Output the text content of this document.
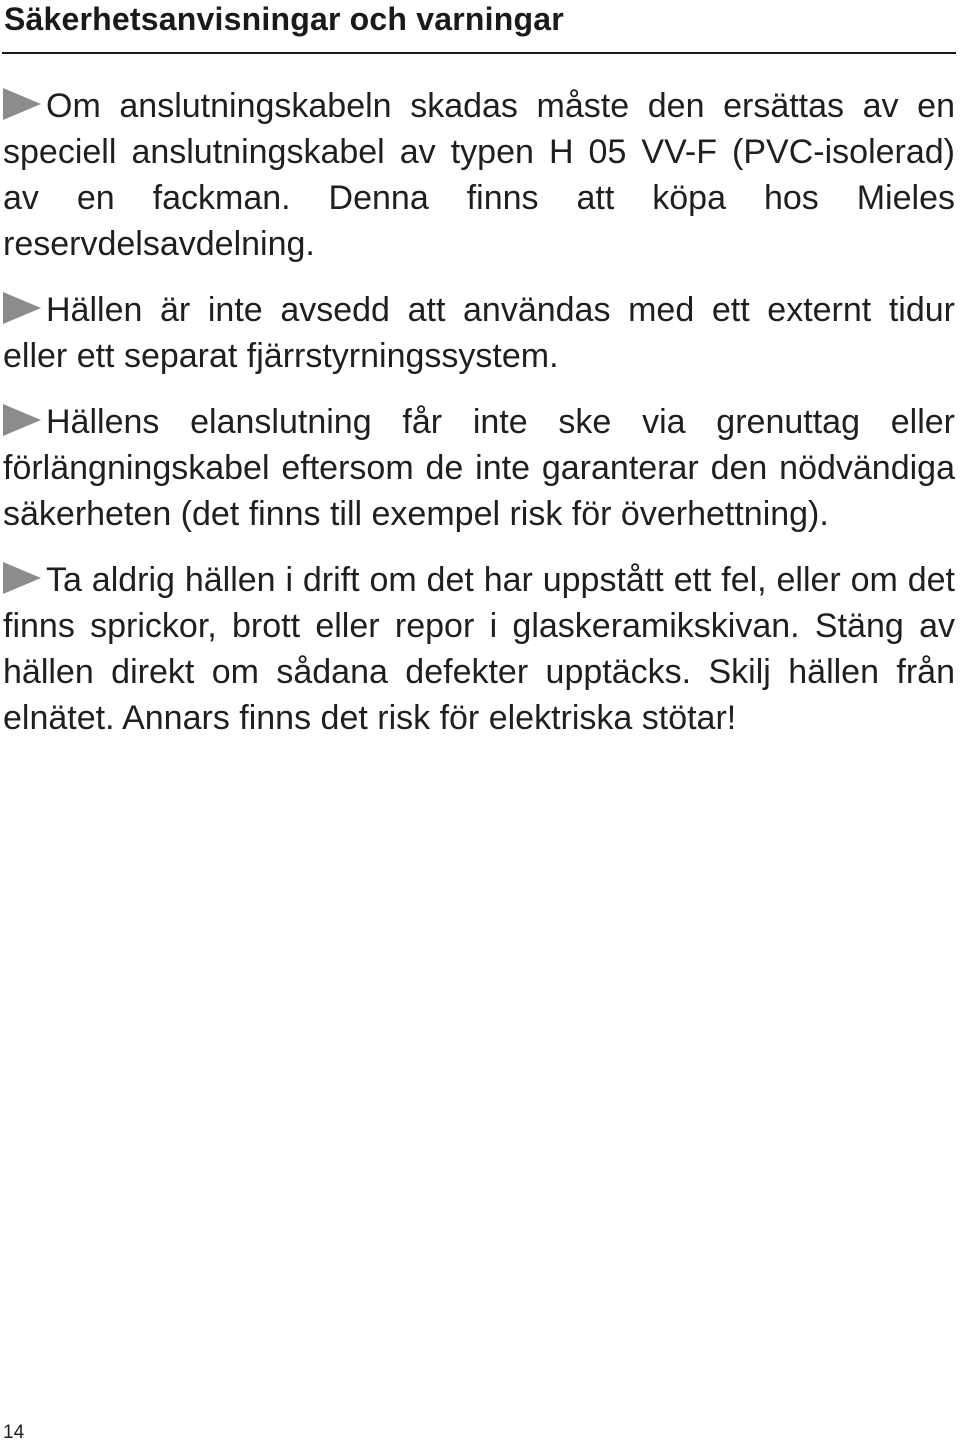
Säkerhetsanvisningar och varningar

Om anslutningskabeln skadas måste den ersättas av en speciell anslutningskabel av typen H 05 VV-F (PVC-isolerad) av en fackman. Denna finns att köpa hos Mieles reservdelsavdelning.

Hällen är inte avsedd att användas med ett externt tidur eller ett separat fjärrstyrningssystem.

Hällens elanslutning får inte ske via grenuttag eller förlängningskabel eftersom de inte garanterar den nödvändiga säkerheten (det finns till exempel risk för överhettning).

Ta aldrig hällen i drift om det har uppstått ett fel, eller om det finns sprickor, brott eller repor i glaskeramikskivan. Stäng av hällen direkt om sådana defekter upptäcks. Skilj hällen från elnätet. Annars finns det risk för elektriska stötar!

14
